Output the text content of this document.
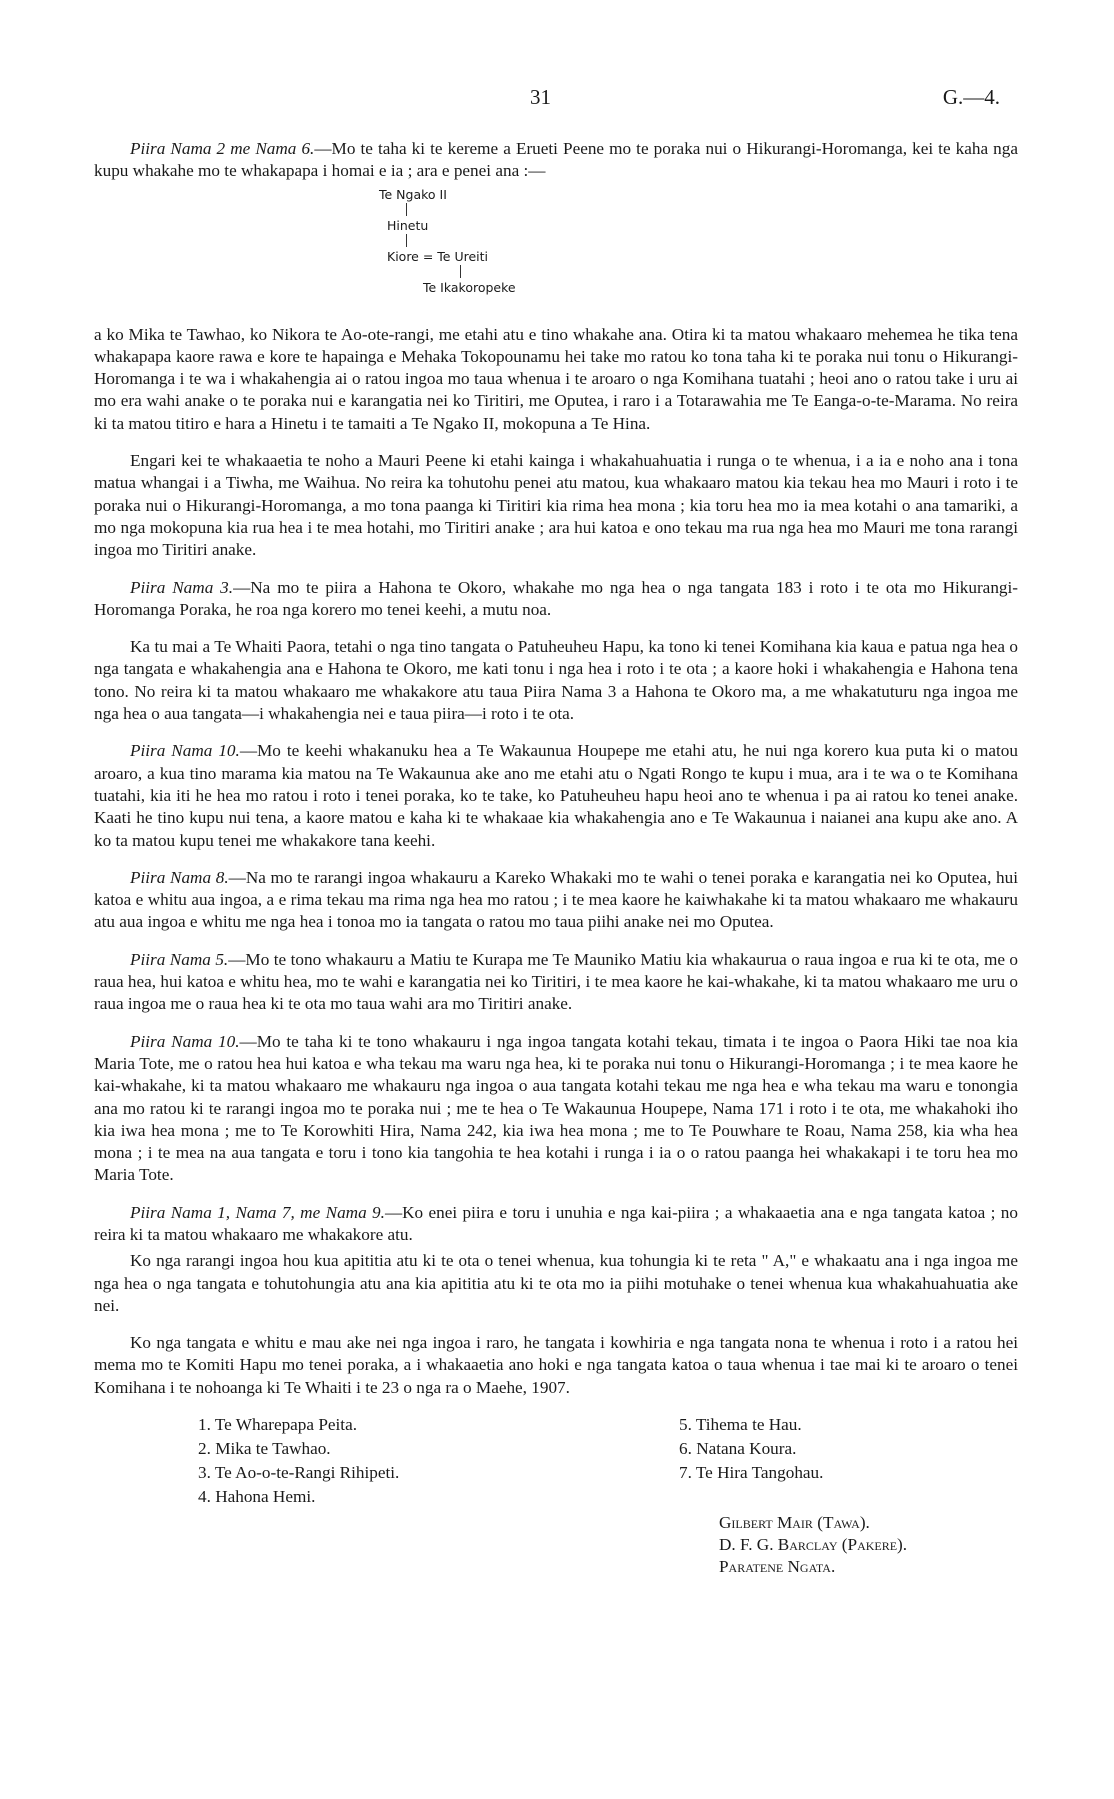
31	G.—4.

Piira Nama 2 me Nama 6.—Mo te taha ki te kereme a Erueti Peene mo te poraka nui o Hikurangi-Horomanga, kei te kaha nga kupu whakahe mo te whakapapa i homai e ia ; ara e penei ana :—

Te Ngako II
Hinetu
Kiore = Te Ureiti
Te Ikakoropeke

a ko Mika te Tawhao, ko Nikora te Ao-ote-rangi, me etahi atu e tino whakahe ana. Otira ki ta matou whakaaro mehemea he tika tena whakapapa kaore rawa e kore te hapainga e Mehaka Tokopounamu hei take mo ratou ko tona taha ki te poraka nui tonu o Hikurangi-Horomanga i te wa i whakahengia ai o ratou ingoa mo taua whenua i te aroaro o nga Komihana tuatahi ; heoi ano o ratou take i uru ai mo era wahi anake o te poraka nui e karangatia nei ko Tiritiri, me Oputea, i raro i a Totarawahia me Te Eanga-o-te-Marama. No reira ki ta matou titiro e hara a Hinetu i te tamaiti a Te Ngako II, mokopuna a Te Hina.

Engari kei te whakaaetia te noho a Mauri Peene ki etahi kainga i whakahuahuatia i runga o te whenua, i a ia e noho ana i tona matua whangai i a Tiwha, me Waihua. No reira ka tohutohu penei atu matou, kua whakaaro matou kia tekau hea mo Mauri i roto i te poraka nui o Hikurangi-Horomanga, a mo tona paanga ki Tiritiri kia rima hea mona ; kia toru hea mo ia mea kotahi o ana tamariki, a mo nga mokopuna kia rua hea i te mea hotahi, mo Tiritiri anake ; ara hui katoa e ono tekau ma rua nga hea mo Mauri me tona rarangi ingoa mo Tiritiri anake.

Piira Nama 3.—Na mo te piira a Hahona te Okoro, whakahe mo nga hea o nga tangata 183 i roto i te ota mo Hikurangi-Horomanga Poraka, he roa nga korero mo tenei keehi, a mutu noa.

Ka tu mai a Te Whaiti Paora, tetahi o nga tino tangata o Patuheuheu Hapu, ka tono ki tenei Komihana kia kaua e patua nga hea o nga tangata e whakahengia ana e Hahona te Okoro, me kati tonu i nga hea i roto i te ota ; a kaore hoki i whakahengia e Hahona tena tono. No reira ki ta matou whakaaro me whakakore atu taua Piira Nama 3 a Hahona te Okoro ma, a me whakatuturu nga ingoa me nga hea o aua tangata—i whakahengia nei e taua piira—i roto i te ota.

Piira Nama 10.—Mo te keehi whakanuku hea a Te Wakaunua Houpepe me etahi atu, he nui nga korero kua puta ki o matou aroaro, a kua tino marama kia matou na Te Wakaunua ake ano me etahi atu o Ngati Rongo te kupu i mua, ara i te wa o te Komihana tuatahi, kia iti he hea mo ratou i roto i tenei poraka, ko te take, ko Patuheuheu hapu heoi ano te whenua i pa ai ratou ko tenei anake. Kaati he tino kupu nui tena, a kaore matou e kaha ki te whakaae kia whakahengia ano e Te Wakaunua i naianei ana kupu ake ano. A ko ta matou kupu tenei me whakakore tana keehi.

Piira Nama 8.—Na mo te rarangi ingoa whakauru a Kareko Whakaki mo te wahi o tenei poraka e karangatia nei ko Oputea, hui katoa e whitu aua ingoa, a e rima tekau ma rima nga hea mo ratou ; i te mea kaore he kaiwhakahe ki ta matou whakaaro me whakauru atu aua ingoa e whitu me nga hea i tonoa mo ia tangata o ratou mo taua piihi anake nei mo Oputea.

Piira Nama 5.—Mo te tono whakauru a Matiu te Kurapa me Te Mauniko Matiu kia whakaurua o raua ingoa e rua ki te ota, me o raua hea, hui katoa e whitu hea, mo te wahi e karangatia nei ko Tiritiri, i te mea kaore he kai-whakahe, ki ta matou whakaaro me uru o raua ingoa me o raua hea ki te ota mo taua wahi ara mo Tiritiri anake.

Piira Nama 10.—Mo te taha ki te tono whakauru i nga ingoa tangata kotahi tekau, timata i te ingoa o Paora Hiki tae noa kia Maria Tote, me o ratou hea hui katoa e wha tekau ma waru nga hea, ki te poraka nui tonu o Hikurangi-Horomanga ; i te mea kaore he kai-whakahe, ki ta matou whakaaro me whakauru nga ingoa o aua tangata kotahi tekau me nga hea e wha tekau ma waru e tonongia ana mo ratou ki te rarangi ingoa mo te poraka nui ; me te hea o Te Wakaunua Houpepe, Nama 171 i roto i te ota, me whakahoki iho kia iwa hea mona ; me to Te Korowhiti Hira, Nama 242, kia iwa hea mona ; me to Te Pouwhare te Roau, Nama 258, kia wha hea mona ; i te mea na aua tangata e toru i tono kia tangohia te hea kotahi i runga i ia o o ratou paanga hei whakakapi i te toru hea mo Maria Tote.

Piira Nama 1, Nama 7, me Nama 9.—Ko enei piira e toru i unuhia e nga kai-piira ; a whakaaetia ana e nga tangata katoa ; no reira ki ta matou whakaaro me whakakore atu.

Ko nga rarangi ingoa hou kua apititia atu ki te ota o tenei whenua, kua tohungia ki te reta " A," e whakaatu ana i nga ingoa me nga hea o nga tangata e tohutohungia atu ana kia apititia atu ki te ota mo ia piihi motuhake o tenei whenua kua whakahuahuatia ake nei.

Ko nga tangata e whitu e mau ake nei nga ingoa i raro, he tangata i kowhiria e nga tangata nona te whenua i roto i a ratou hei mema mo te Komiti Hapu mo tenei poraka, a i whakaaetia ano hoki e nga tangata katoa o taua whenua i tae mai ki te aroaro o tenei Komihana i te nohoanga ki Te Whaiti i te 23 o nga ra o Maehe, 1907.

1. Te Wharepapa Peita.
2. Mika te Tawhao.
3. Te Ao-o-te-Rangi Rihipeti.
4. Hahona Hemi.
5. Tihema te Hau.
6. Natana Koura.
7. Te Hira Tangohau.
Gilbert Mair (Tawa).
D. F. G. Barclay (Pakere).
Paratene Ngata.
